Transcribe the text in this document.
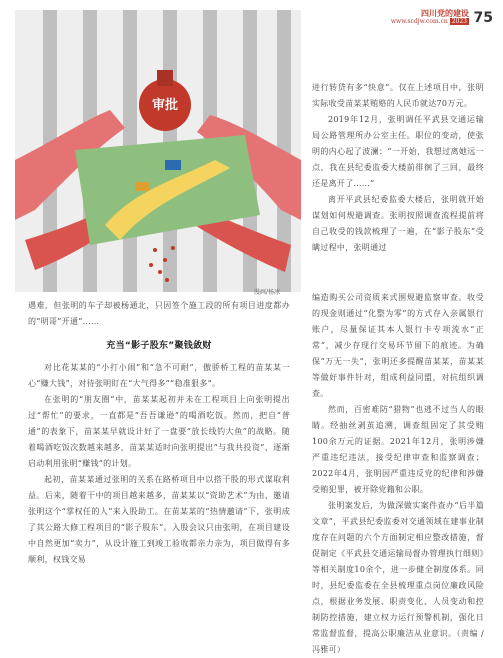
四川党的建设
www.scdjw.com.cn 2023 75
审批
漫画/杨冰

进行转贷有多“快意”。仅在上述项目中，张明实际收受苗某某贿赂的人民币就达70万元。

2019年12月，张明调任平武县交通运输局公路管理所办公室主任。职位的变动，使张明的内心起了波澜：“一开始，我想过离她远一点，我在县纪委监委大楼前徘徊了三回，最终还是离开了……”

离开平武县纪委监委大楼后，张明就开始谋划如何规避调查。张明按照调查流程提前将自己收受的钱款梳理了一遍，在“影子股东”受瞒过程中，张明通过

编造购买公司资质来式围规避监察审查。收受的现金则通过“化整为零”的方式存入亲属银行账户，尽量保证其本人银行卡专项流水“正常”，减少存现行交易环节留下的痕迹。为确保“万无一失”，张明还多提醒苗某某，苗某某等做好事件针对，组成利益同盟，对抗组织调查。

然而，百密难防“猎物”也逃不过当人的眼睛。经抽丝剥茧追溯，调查组固定了其受贿100余万元的证据。2021年12月，张明涉嫌严重违纪违法，接受纪律审查和监察调查；2022年4月，张明因严重违反党的纪律和涉嫌受贿犯罪，被开除党籍和公职。

张明案发后，为做深做实案件查办“后半篇文章”，平武县纪委监委对交通领域在建事业制度存在问题的六个方面制定相应整改措施，督促制定《平武县交通运输局督办管理执行细则》等相关制度10余个，进一步健全制度体系。同时，县纪委监委在全县梳理重点岗位廉政风险点，根据业务发展、职责变化、人员变动和控制防控措施，建立权力运行预警机制，强化日常监督监督，提高公职廉洁从业意识。（责编 / 冯雅可）

遇难，但张明的车子却被杨通北，只因签个施工段的所有项目进度都办的“明哥”开通”……

充当“影子股东”聚钱敛财

对比花某某的“小打小闹”和“急不可耐”，傲骄桥工程的苗某某一心“赚大钱”，对待张明盯在“大气得多”“稳准狠多”。

在张明的“朋友圈”中，苗某某起初并未在工程项目上向张明提出过“帮忙”的要求，一直都是“吾吾谦逊”的喝酒吃饭。然而，把自“普通”的表象下，苗某某早就设计好了一盘要“放长线钓大鱼”的战略。随着喝酒吃饭次数越来越多，苗某某适时向张明提出“与我共投资”，逐渐启动利用张明“赚钱”的计划。

起初，苗某某通过张明的关系在路桥项目中以搭干股的形式谋取利益。后来，随着干中的项目越来越多，苗某某以“资助艺术”为由，邀请张明这个“掌权任的人”来入股助工。在苗某某的“热情邀请”下，张明成了其公路大修工程项目的“影子股东”。入股会议只由张明，在项目建设中自然更加“卖力”，从设计施工到竣工验收都亲力亲为，项目做得有多顺利，权钱交易
